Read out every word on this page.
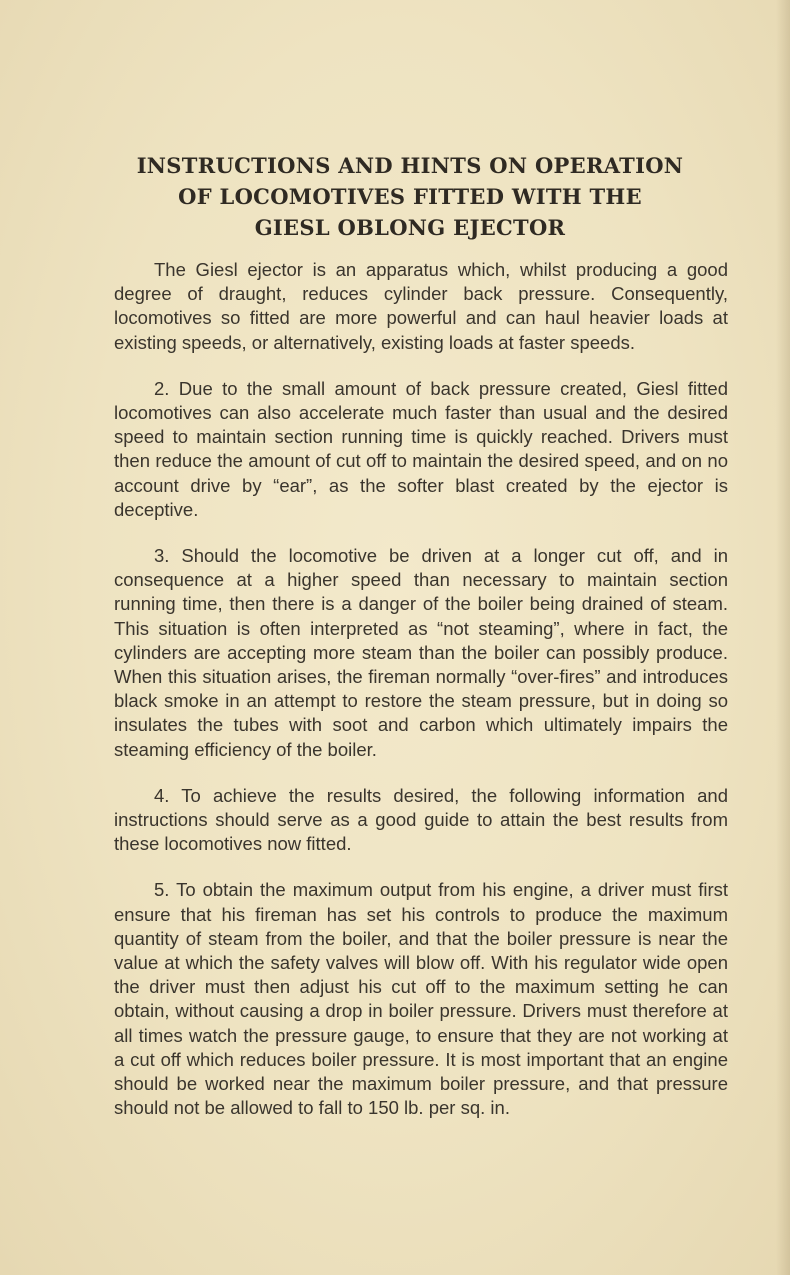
INSTRUCTIONS AND HINTS ON OPERATION
OF LOCOMOTIVES FITTED WITH THE
GIESL OBLONG EJECTOR

The Giesl ejector is an apparatus which, whilst producing a good degree of draught, reduces cylinder back pressure. Consequently, locomotives so fitted are more powerful and can haul heavier loads at existing speeds, or alternatively, existing loads at faster speeds.

2. Due to the small amount of back pressure created, Giesl fitted locomotives can also accelerate much faster than usual and the desired speed to maintain section running time is quickly reached. Drivers must then reduce the amount of cut off to maintain the desired speed, and on no account drive by “ear”, as the softer blast created by the ejector is deceptive.

3. Should the locomotive be driven at a longer cut off, and in consequence at a higher speed than necessary to maintain section running time, then there is a danger of the boiler being drained of steam. This situation is often interpreted as “not steaming”, where in fact, the cylinders are accepting more steam than the boiler can possibly produce. When this situation arises, the fireman normally “over-fires” and introduces black smoke in an attempt to restore the steam pressure, but in doing so insulates the tubes with soot and carbon which ultimately impairs the steaming efficiency of the boiler.

4. To achieve the results desired, the following information and instructions should serve as a good guide to attain the best results from these locomotives now fitted.

5. To obtain the maximum output from his engine, a driver must first ensure that his fireman has set his controls to produce the maximum quantity of steam from the boiler, and that the boiler pressure is near the value at which the safety valves will blow off. With his regulator wide open the driver must then adjust his cut off to the maximum setting he can obtain, without causing a drop in boiler pressure. Drivers must therefore at all times watch the pressure gauge, to ensure that they are not working at a cut off which reduces boiler pressure. It is most important that an engine should be worked near the maximum boiler pressure, and that pressure should not be allowed to fall to 150 lb. per sq. in.
